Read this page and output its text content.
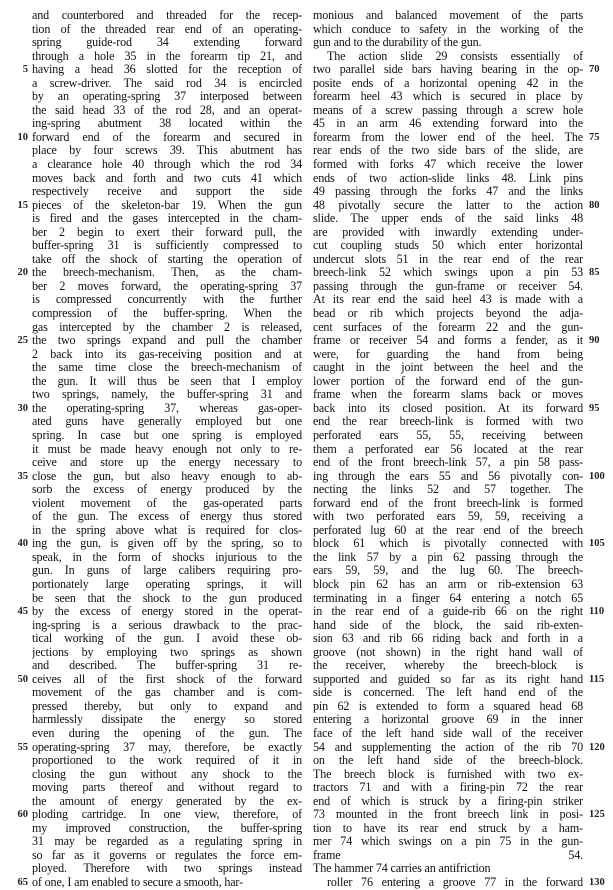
and counterbored and threaded for the recep-
tion of the threaded rear end of an operating-
spring guide-rod 34 extending forward
through a hole 35 in the forearm tip 21, and
having a head 36 slotted for the reception of
a screw-driver. The said rod 34 is encircled
by an operating-spring 37 interposed between
the said head 33 of the rod 28, and an operat-
ing-spring abutment 38 located within the
forward end of the forearm and secured in
place by four screws 39. This abutment has
a clearance hole 40 through which the rod 34
moves back and forth and two cuts 41 which
respectively receive and support the side
pieces of the skeleton-bar 19. When the gun
is fired and the gases intercepted in the cham-
ber 2 begin to exert their forward pull, the
buffer-spring 31 is sufficiently compressed to
take off the shock of starting the operation of
the breech-mechanism. Then, as the cham-
ber 2 moves forward, the operating-spring 37
is compressed concurrently with the further
compression of the buffer-spring. When the
gas intercepted by the chamber 2 is released,
the two springs expand and pull the chamber
2 back into its gas-receiving position and at
the same time close the breech-mechanism of
the gun. It will thus be seen that I employ
two springs, namely, the buffer-spring 31 and
the operating-spring 37, whereas gas-oper-
ated guns have generally employed but one
spring. In case but one spring is employed
it must be made heavy enough not only to re-
ceive and store up the energy necessary to
close the gun, but also heavy enough to ab-
sorb the excess of energy produced by the
violent movement of the gas-operated parts
of the gun. The excess of energy thus stored
in the spring above what is required for clos-
ing the gun, is given off by the spring, so to
speak, in the form of shocks injurious to the
gun. In guns of large calibers requiring pro-
portionately large operating springs, it will
be seen that the shock to the gun produced
by the excess of energy stored in the operat-
ing-spring is a serious drawback to the prac-
tical working of the gun. I avoid these ob-
jections by employing two springs as shown
and described. The buffer-spring 31 re-
ceives all of the first shock of the forward
movement of the gas chamber and is com-
pressed thereby, but only to expand and
harmlessly dissipate the energy so stored
even during the opening of the gun. The
operating-spring 37 may, therefore, be exactly
proportioned to the work required of it in
closing the gun without any shock to the
moving parts thereof and without regard to
the amount of energy generated by the ex-
ploding cartridge. In one view, therefore, of
my improved construction, the buffer-spring
31 may be regarded as a regulating spring in
so far as it governs or regulates the force em-
ployed. Therefore with two springs instead
of one, I am enabled to secure a smooth, har-
monious and balanced movement of the parts
which conduce to safety in the working of the
gun and to the durability of the gun.
The action slide 29 consists essentially of
two parallel side bars having bearing in the op-
posite ends of a horizontal opening 42 in the
forearm heel 43 which is secured in place by
means of a screw passing through a screw hole
45 in an arm 46 extending forward into the
forearm from the lower end of the heel. The
rear ends of the two side bars of the slide, are
formed with forks 47 which receive the lower
ends of two action-slide links 48. Link pins
49 passing through the forks 47 and the links
48 pivotally secure the latter to the action
slide. The upper ends of the said links 48
are provided with inwardly extending under-
cut coupling studs 50 which enter horizontal
undercut slots 51 in the rear end of the rear
breech-link 52 which swings upon a pin 53
passing through the gun-frame or receiver 54.
At its rear end the said heel 43 is made with a
bead or rib which projects beyond the adja-
cent surfaces of the forearm 22 and the gun-
frame or receiver 54 and forms a fender, as it
were, for guarding the hand from being
caught in the joint between the heel and the
lower portion of the forward end of the gun-
frame when the forearm slams back or moves
back into its closed position. At its forward
end the rear breech-link is formed with two
perforated ears 55, 55, receiving between
them a perforated ear 56 located at the rear
end of the front breech-link 57, a pin 58 pass-
ing through the ears 55 and 56 pivotally con-
necting the links 52 and 57 together. The
forward end of the front breech-link is formed
with two perforated ears 59, 59, receiving a
perforated lug 60 at the rear end of the breech
block 61 which is pivotally connected with
the link 57 by a pin 62 passing through the
ears 59, 59, and the lug 60. The breech-
block pin 62 has an arm or rib-extension 63
terminating in a finger 64 entering a notch 65
in the rear end of a guide-rib 66 on the right
hand side of the block, the said rib-exten-
sion 63 and rib 66 riding back and forth in a
groove (not shown) in the right hand wall of
the receiver, whereby the breech-block is
supported and guided so far as its right hand
side is concerned. The left hand end of the
pin 62 is extended to form a squared head 68
entering a horizontal groove 69 in the inner
face of the left hand side wall of the receiver
54 and supplementing the action of the rib 70
on the left hand side of the breech-block.
The breech block is furnished with two ex-
tractors 71 and with a firing-pin 72 the rear
end of which is struck by a firing-pin striker
73 mounted in the front breech link in posi-
tion to have its rear end struck by a ham-
mer 74 which swings on a pin 75 in the gun-
frame 54.
The hammer 74 carries an antifriction
roller 76 entering a groove 77 in the forward
5
10
15
20
25
30
35
40
45
50
55
60
65
70
75
80
85
90
95
100
105
110
115
120
125
130
